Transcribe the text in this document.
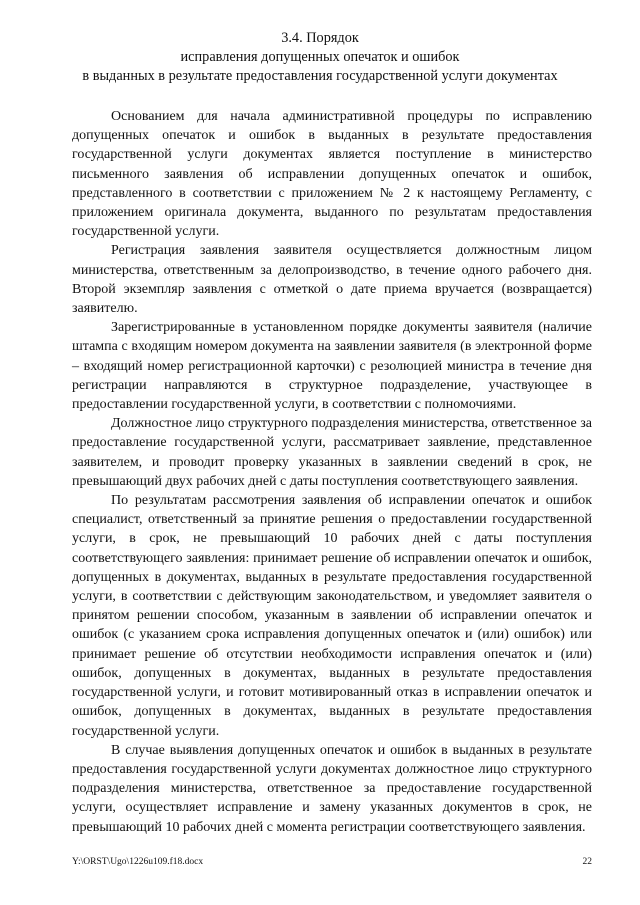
3.4. Порядок
исправления допущенных опечаток и ошибок
в выданных в результате предоставления государственной услуги документах

Основанием для начала административной процедуры по исправлению допущенных опечаток и ошибок в выданных в результате предоставления государственной услуги документах является поступление в министерство письменного заявления об исправлении допущенных опечаток и ошибок, представленного в соответствии с приложением № 2 к настоящему Регламенту, с приложением оригинала документа, выданного по результатам предоставления государственной услуги.

Регистрация заявления заявителя осуществляется должностным лицом министерства, ответственным за делопроизводство, в течение одного рабочего дня. Второй экземпляр заявления с отметкой о дате приема вручается (возвращается) заявителю.

Зарегистрированные в установленном порядке документы заявителя (наличие штампа с входящим номером документа на заявлении заявителя (в электронной форме – входящий номер регистрационной карточки) с резолюцией министра в течение дня регистрации направляются в структурное подразделение, участвующее в предоставлении государственной услуги, в соответствии с полномочиями.

Должностное лицо структурного подразделения министерства, ответственное за предоставление государственной услуги, рассматривает заявление, представленное заявителем, и проводит проверку указанных в заявлении сведений в срок, не превышающий двух рабочих дней с даты поступления соответствующего заявления.

По результатам рассмотрения заявления об исправлении опечаток и ошибок специалист, ответственный за принятие решения о предоставлении государственной услуги, в срок, не превышающий 10 рабочих дней с даты поступления соответствующего заявления: принимает решение об исправлении опечаток и ошибок, допущенных в документах, выданных в результате предоставления государственной услуги, в соответствии с действующим законодательством, и уведомляет заявителя о принятом решении способом, указанным в заявлении об исправлении опечаток и ошибок (с указанием срока исправления допущенных опечаток и (или) ошибок) или принимает решение об отсутствии необходимости исправления опечаток и (или) ошибок, допущенных в документах, выданных в результате предоставления государственной услуги, и готовит мотивированный отказ в исправлении опечаток и ошибок, допущенных в документах, выданных в результате предоставления государственной услуги.

В случае выявления допущенных опечаток и ошибок в выданных в результате предоставления государственной услуги документах должностное лицо структурного подразделения министерства, ответственное за предоставление государственной услуги, осуществляет исправление и замену указанных документов в срок, не превышающий 10 рабочих дней с момента регистрации соответствующего заявления.

Y:\ORST\Ugo\1226u109.f18.docx	22
